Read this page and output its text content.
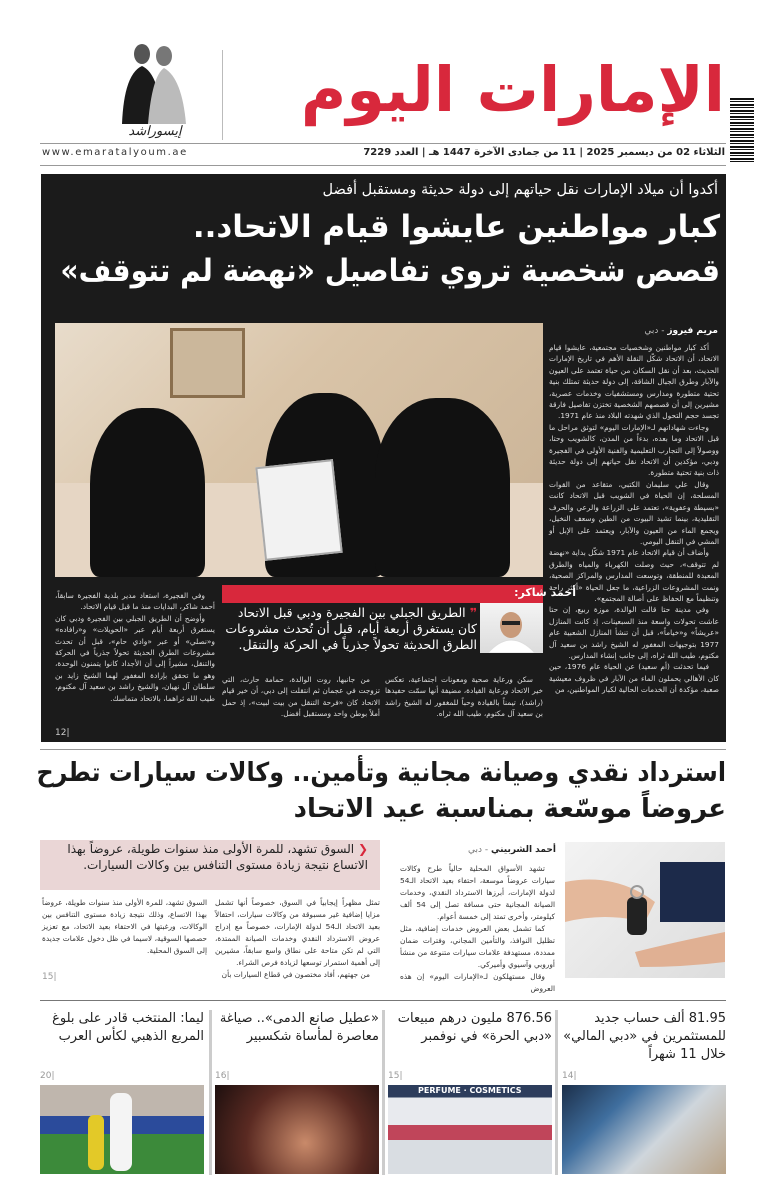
الإمارات اليوم
إيسوراشد
الثلاثاء 02 من ديسمبر 2025 | 11 من جمادى الآخرة 1447 هـ | العدد 7229
www.emaratalyoum.ae
أكدوا أن ميلاد الإمارات نقل حياتهم إلى دولة حديثة ومستقبل أفضل
كبار مواطنين عايشوا قيام الاتحاد..
قصص شخصية تروي تفاصيل «نهضة لم تتوقف»
مريم فيروز - دبي

أكد كبار مواطنين وشخصيات مجتمعية، عايشوا قيام الاتحاد، أن الاتحاد شكّل النقلة الأهم في تاريخ الإمارات الحديث، بعد أن نقل السكان من حياة تعتمد على العيون والآبار وطرق الجبال الشاقة، إلى دولة حديثة تمتلك بنية تحتية متطورة ومدارس ومستشفيات وخدمات عصرية، مشيرين إلى أن قصصهم الشخصية تختزن تفاصيل فارقة تجسد حجم التحول الذي شهدته البلاد منذ عام 1971.

وجاءت شهاداتهم لـ«الإمارات اليوم» لتوثق مراحل ما قبل الاتحاد وما بعده، بدءاً من المدن، كالشويب وحتا، ووصولاً إلى التجارب التعليمية والفنية الأولى في الفجيرة ودبي، مؤكدين أن الاتحاد نقل حياتهم إلى دولة حديثة ذات بنية تحتية متطورة.

وقال علي سليمان الكتبي، متقاعد من القوات المسلحة، إن الحياة في الشويب قبل الاتحاد كانت «بسيطة وعفوية»، تعتمد على الزراعة والرعي والحرف التقليدية، بينما تشيد البيوت من الطين وسعف النخيل، ويجمع الماء من العيون والآبار، ويعتمد على الإبل أو المشي في التنقل اليومي.

وأضاف أن قيام الاتحاد عام 1971 شكّل بداية «نهضة لم تتوقف»، حيث وصلت الكهرباء والمياه والطرق المعبدة للمنطقة، وتوسعت المدارس والمراكز الصحية، ونمت المشروعات الزراعية، ما جعل الحياة «أكثر راحة وتنظيماً مع الحفاظ على أصالة المجتمع».

وفي مدينة حتا قالت الوالدة، موزة ربيع، إن حتا عاشت تحولات واسعة منذ السبعينات، إذ كانت المنازل «عريشاً» و«خياماً»، قبل أن تنشأ المنازل الشعبية عام 1977 بتوجيهات المغفور له الشيخ راشد بن سعيد آل مكتوم، طيب الله ثراه، إلى جانب إنشاء المدارس.

فيما تحدثت (أم سعيد) عن الحياة عام 1976، حين كان الأهالي يحملون الماء من الآبار في ظروف معيشية صعبة، مؤكدة أن الخدمات الحالية لكبار المواطنين، من

أحمد شاكر:
❞ الطريق الجبلي بين الفجيرة ودبي قبل الاتحاد كان يستغرق أربعة أيام، قبل أن تُحدث مشروعات الطرق الحديثة تحولاً جذرياً في الحركة والتنقل.

وفي الفجيرة، استعاد مدير بلدية الفجيرة سابقاً، أحمد شاكر، البدايات منذ ما قبل قيام الاتحاد.

وأوضح أن الطريق الجبلي بين الفجيرة ودبي كان يستغرق أربعة أيام عبر «الحويلات» و«رافاده» و«نصلي» أو عبر «وادي حام»، قبل أن تحدث مشروعات الطرق الحديثة تحولاً جذرياً في الحركة والتنقل، مشيراً إلى أن الأجداد كانوا يتمنون الوحدة، وهو ما تحقق بإرادة المغفور لهما الشيخ زايد بن سلطان آل نهيان، والشيخ راشد بن سعيد آل مكتوم، طيب الله ثراهما، بالاتحاد متماسك.

سكن ورعاية صحية ومعونات اجتماعية، تعكس خير الاتحاد ورعاية القيادة، مضيفة أنها سمّت حفيدها (راشد)، تيمناً بالقيادة وحباً للمغفور له الشيخ راشد بن سعيد آل مكتوم، طيب الله ثراه.

من جانبها، روت الوالدة، حمامة حارث، التي تزوجت في عجمان ثم انتقلت إلى دبي، أن خير قيام الاتحاد كان «فرحة التنقل من بيت لبيت»، إذ حمل أملاً بوطن واحد ومستقبل أفضل.

12|
استرداد نقدي وصيانة مجانية وتأمين.. وكالات سيارات تطرح
عروضاً موسّعة بمناسبة عيد الاتحاد
أحمد الشربيني - دبي

تشهد الأسواق المحلية حالياً طرح وكالات سيارات عروضاً موسعة، احتفاء بعيد الاتحاد الـ54 لدولة الإمارات، أبرزها الاسترداد النقدي، وخدمات الصيانة المجانية حتى مسافة تصل إلى 54 ألف كيلومتر، وأخرى تمتد إلى خمسة أعوام.

كما تشمل بعض العروض خدمات إضافية، مثل تظليل النوافذ، والتأمين المجاني، وفترات ضمان ممددة، مستهدفة علامات سيارات متنوعة من منشأ أوروبي وآسيوي وأميركي.

وقال مستهلكون لـ«الإمارات اليوم» إن هذه العروض

❮ السوق تشهد، للمرة الأولى منذ سنوات طويلة، عروضاً بهذا الاتساع نتيجة زيادة مستوى التنافس بين وكالات السيارات.

تمثل مظهراً إيجابياً في السوق، خصوصاً أنها تشمل مزايا إضافية غير مسبوقة من وكالات سيارات، احتفالاً بعيد الاتحاد الـ54 لدولة الإمارات، خصوصاً مع إدراج عروض الاسترداد النقدي وخدمات الصيانة الممتدة، التي لم تكن متاحة على نطاق واسع سابقاً، مشيرين إلى أهمية استمرار توسعها لزيادة فرص الشراء.

من جهتهم، أفاد مختصون في قطاع السيارات بأن

السوق تشهد، للمرة الأولى منذ سنوات طويلة، عروضاً بهذا الاتساع، وذلك نتيجة زيادة مستوى التنافس بين الوكالات، ورغبتها في الاحتفاء بعيد الاتحاد، مع تعزيز حصصها السوقية، لاسيما في ظل دخول علامات جديدة إلى السوق المحلية.

15|
81.95 ألف حساب جديد للمستثمرين في «دبي المالي» خلال 11 شهراً
14|
876.56 مليون درهم مبيعات «دبي الحرة» في نوفمبر
15|
PERFUME · COSMETICS
«عطيل صانع الدمى».. صياغة معاصرة لمأساة شكسبير
16|
ليما: المنتخب قادر على بلوغ المربع الذهبي لكأس العرب
20|
